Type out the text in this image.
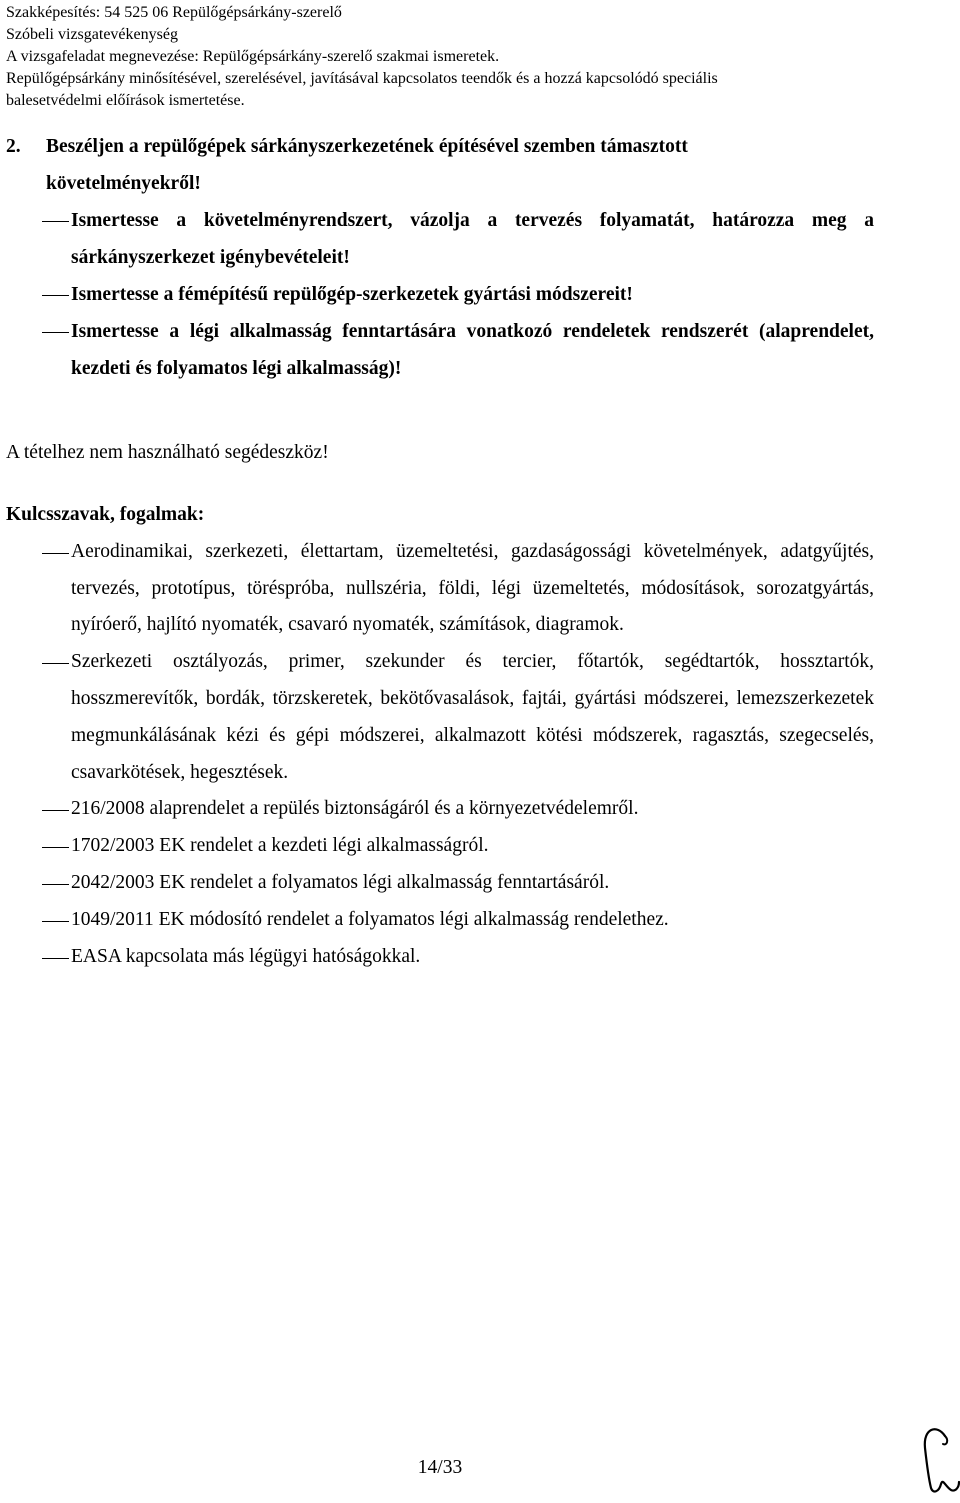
Szakképesítés: 54 525 06 Repülőgépsárkány-szerelő
Szóbeli vizsgatevékenység
A vizsgafeladat megnevezése: Repülőgépsárkány-szerelő szakmai ismeretek.
Repülőgépsárkány minősítésével, szerelésével, javításával kapcsolatos teendők és a hozzá kapcsolódó speciális
balesetvédelmi előírások ismertetése.
2.	Beszéljen a repülőgépek sárkányszerkezetének építésével szemben támasztott
követelményekről!
Ismertesse a követelményrendszert, vázolja a tervezés folyamatát, határozza meg a sárkányszerkezet igénybevételeit!
Ismertesse a fémépítésű repülőgép-szerkezetek gyártási módszereit!
Ismertesse a légi alkalmasság fenntartására vonatkozó rendeletek rendszerét (alaprendelet, kezdeti és folyamatos légi alkalmasság)!
A tételhez nem használható segédeszköz!
Kulcsszavak, fogalmak:
Aerodinamikai, szerkezeti, élettartam, üzemeltetési, gazdaságossági követelmények, adatgyűjtés, tervezés, prototípus, töréspróba, nullszéria, földi, légi üzemeltetés, módosítások, sorozatgyártás, nyíróerő, hajlító nyomaték, csavaró nyomaték, számítások, diagramok.
Szerkezeti osztályozás, primer, szekunder és tercier, főtartók, segédtartók, hossztartók, hosszmerevítők, bordák, törzskeretek, bekötővasalások, fajtái, gyártási módszerei, lemezszerkezetek megmunkálásának kézi és gépi módszerei, alkalmazott kötési módszerek, ragasztás, szegecselés, csavarkötések, hegesztések.
216/2008 alaprendelet a repülés biztonságáról és a környezetvédelemről.
1702/2003 EK rendelet a kezdeti légi alkalmasságról.
2042/2003 EK rendelet a folyamatos légi alkalmasság fenntartásáról.
1049/2011 EK módosító rendelet a folyamatos légi alkalmasság rendelethez.
EASA kapcsolata más légügyi hatóságokkal.
14/33
